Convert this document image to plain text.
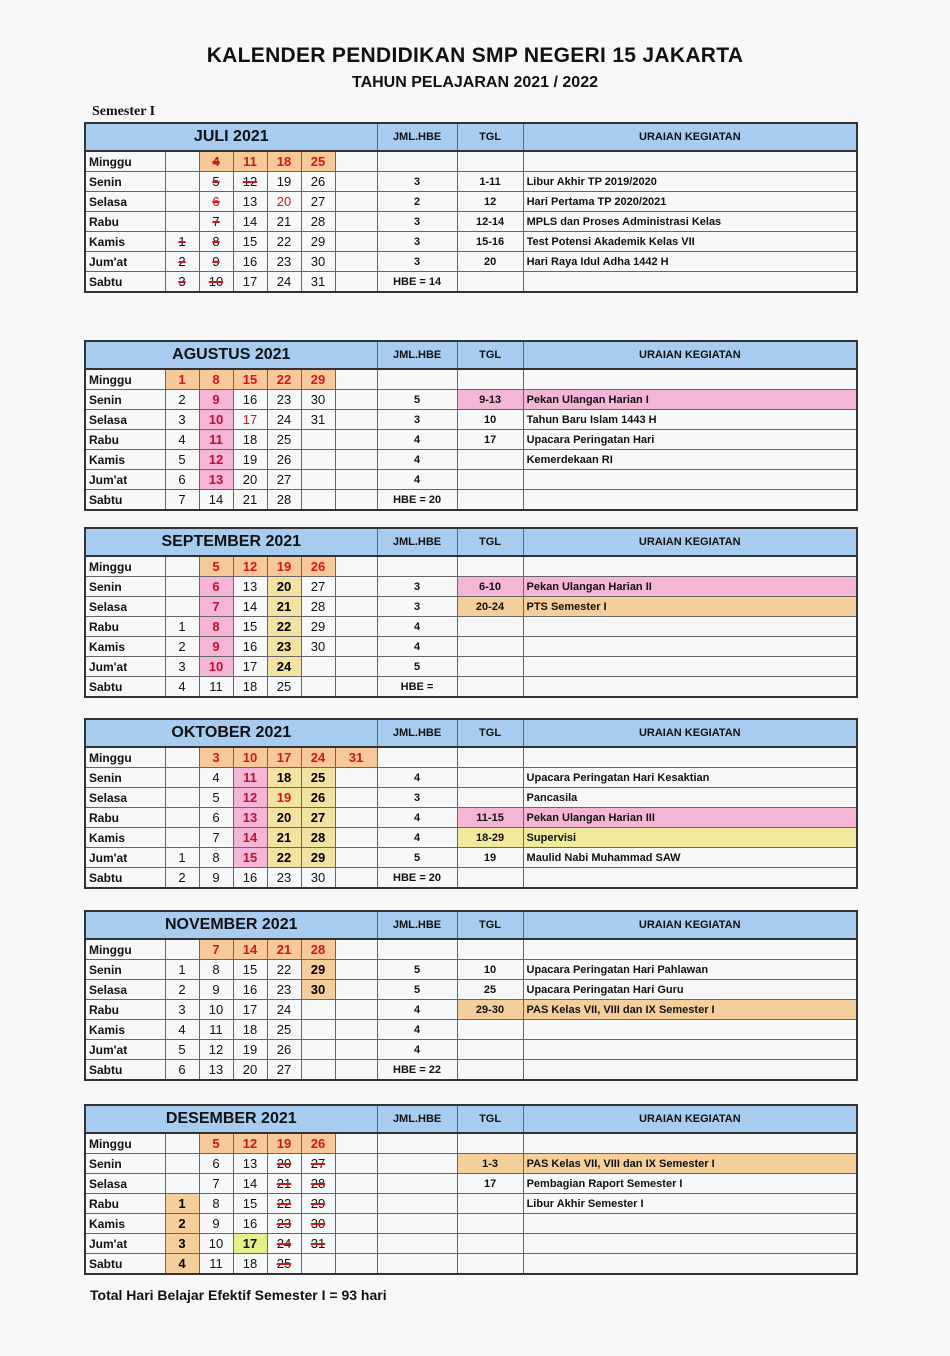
KALENDER PENDIDIKAN SMP NEGERI 15 JAKARTA
TAHUN PELAJARAN 2021 / 2022
Semester I
JULI 2021							JML.HBE	TGL	URAIAN KEGIATAN
Minggu		4	11	18	25				
Senin		5	12	19	26		3	1-11	Libur Akhir TP 2019/2020
Selasa		6	13	20	27		2	12	Hari Pertama TP 2020/2021
Rabu		7	14	21	28		3	12-14	MPLS dan Proses Administrasi Kelas
Kamis	1	8	15	22	29		3	15-16	Test Potensi Akademik Kelas VII
Jum'at	2	9	16	23	30		3	20	Hari Raya Idul Adha 1442 H
Sabtu	3	10	17	24	31		HBE = 14		
AGUSTUS 2021							JML.HBE	TGL	URAIAN KEGIATAN
Minggu	1	8	15	22	29				
Senin	2	9	16	23	30		5	9-13	Pekan Ulangan Harian I
Selasa	3	10	17	24	31		3	10	Tahun Baru Islam 1443 H
Rabu	4	11	18	25			4	17	Upacara Peringatan Hari
Kamis	5	12	19	26			4		Kemerdekaan RI
Jum'at	6	13	20	27			4		
Sabtu	7	14	21	28			HBE = 20		
SEPTEMBER 2021							JML.HBE	TGL	URAIAN KEGIATAN
Minggu		5	12	19	26				
Senin		6	13	20	27		3	6-10	Pekan Ulangan Harian II
Selasa		7	14	21	28		3	20-24	PTS Semester I
Rabu	1	8	15	22	29		4		
Kamis	2	9	16	23	30		4		
Jum'at	3	10	17	24			5		
Sabtu	4	11	18	25			HBE =		
OKTOBER 2021							JML.HBE	TGL	URAIAN KEGIATAN
Minggu		3	10	17	24	31			
Senin		4	11	18	25		4		Upacara Peringatan Hari Kesaktian
Selasa		5	12	19	26		3		Pancasila
Rabu		6	13	20	27		4	11-15	Pekan Ulangan Harian III
Kamis		7	14	21	28		4	18-29	Supervisi
Jum'at	1	8	15	22	29		5	19	Maulid Nabi Muhammad SAW
Sabtu	2	9	16	23	30		HBE = 20		
NOVEMBER 2021							JML.HBE	TGL	URAIAN KEGIATAN
Minggu		7	14	21	28				
Senin	1	8	15	22	29		5	10	Upacara Peringatan Hari Pahlawan
Selasa	2	9	16	23	30		5	25	Upacara Peringatan Hari Guru
Rabu	3	10	17	24			4	29-30	PAS Kelas VII, VIII dan IX Semester I
Kamis	4	11	18	25			4		
Jum'at	5	12	19	26			4		
Sabtu	6	13	20	27			HBE = 22		
DESEMBER 2021							JML.HBE	TGL	URAIAN KEGIATAN
Minggu		5	12	19	26				
Senin		6	13	20	27			1-3	PAS Kelas VII, VIII dan IX Semester I
Selasa		7	14	21	28			17	Pembagian Raport Semester I
Rabu	1	8	15	22	29				Libur Akhir Semester I
Kamis	2	9	16	23	30				
Jum'at	3	10	17	24	31				
Sabtu	4	11	18	25					
Total Hari Belajar Efektif Semester I = 93 hari
